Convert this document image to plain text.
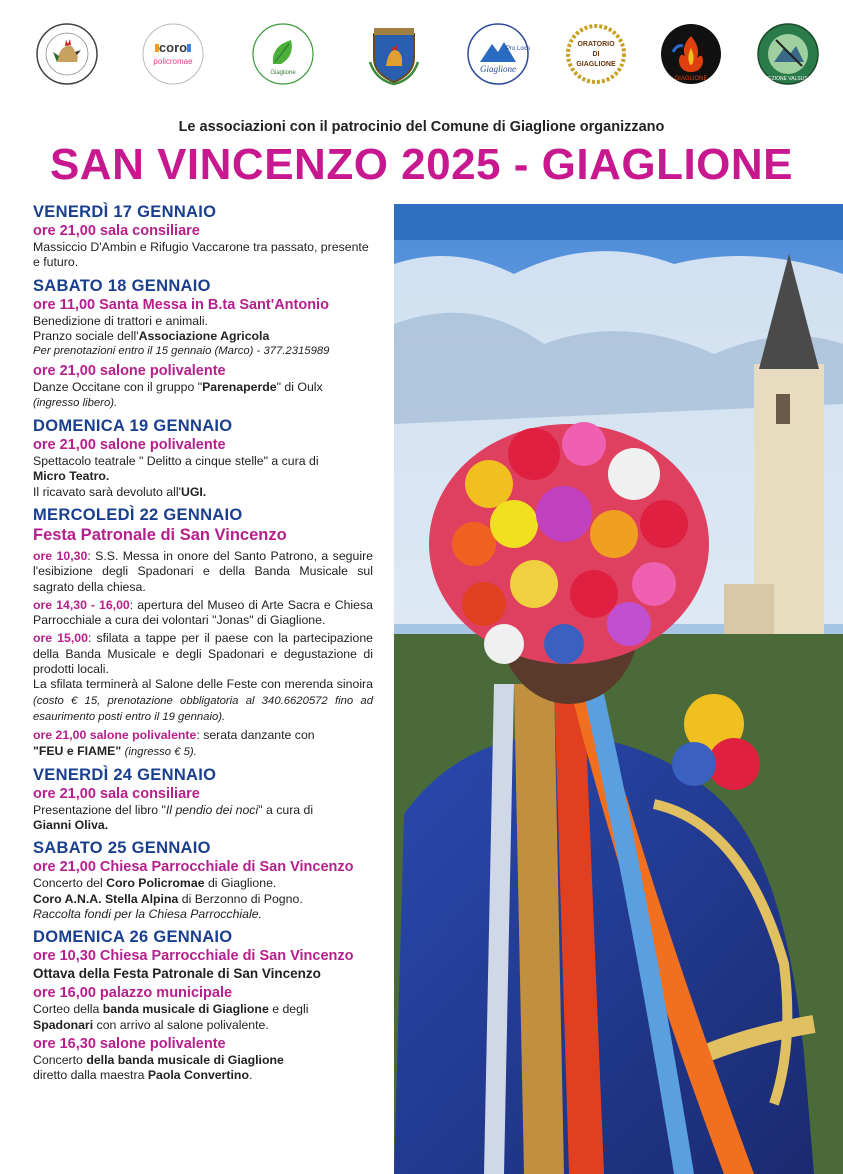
coro
policromae
Giaglione
Pro Loco
Giaglione
ORATORIO
DI
GIAGLIONE
GIAGLIONE	SEZIONE VALSUSA
Le associazioni con il patrocinio del Comune di Giaglione organizzano
SAN VINCENZO 2025 - GIAGLIONE
VENERDÌ 17 GENNAIO
ore 21,00 sala consiliare
Massiccio D'Ambin e Rifugio Vaccarone tra passato, presente e futuro.
SABATO 18 GENNAIO
ore 11,00 Santa Messa in B.ta Sant'Antonio
Benedizione di trattori e animali.
Pranzo sociale dell'Associazione Agricola
Per prenotazioni entro il 15 gennaio (Marco) - 377.2315989
ore 21,00 salone polivalente
Danze Occitane con il gruppo "Parenaperde" di Oulx
(ingresso libero).
DOMENICA 19 GENNAIO
ore 21,00 salone polivalente
Spettacolo teatrale " Delitto a cinque stelle" a cura di
Micro Teatro.
Il ricavato sarà devoluto all'UGI.
MERCOLEDÌ 22 GENNAIO
Festa Patronale di San Vincenzo
ore 10,30: S.S. Messa in onore del Santo Patrono, a seguire l'esibizione degli Spadonari e della Banda Musicale sul sagrato della chiesa.
ore 14,30 - 16,00: apertura del Museo di Arte Sacra e Chiesa Parrocchiale a cura dei volontari "Jonas" di Giaglione.
ore 15,00: sfilata a tappe per il paese con la partecipazione della Banda Musicale e degli Spadonari e degustazione di prodotti locali.
La sfilata terminerà al Salone delle Feste con merenda sinoira (costo € 15, prenotazione obbligatoria al 340.6620572 fino ad esaurimento posti entro il 19 gennaio).
ore 21,00 salone polivalente: serata danzante con
"FEU e FIAME" (ingresso € 5).
VENERDÌ 24 GENNAIO
ore 21,00 sala consiliare
Presentazione del libro "Il pendio dei noci" a cura di
Gianni Oliva.
SABATO 25 GENNAIO
ore 21,00 Chiesa Parrocchiale di San Vincenzo
Concerto del Coro Policromae di Giaglione.
Coro A.N.A. Stella Alpina di Berzonno di Pogno.
Raccolta fondi per la Chiesa Parrocchiale.
DOMENICA 26 GENNAIO
ore 10,30 Chiesa Parrocchiale di San Vincenzo
Ottava della Festa Patronale di San Vincenzo
ore 16,00 palazzo municipale
Corteo della banda musicale di Giaglione e degli
Spadonari con arrivo al salone polivalente.
ore 16,30 salone polivalente
Concerto della banda musicale di Giaglione
diretto dalla maestra Paola Convertino.
